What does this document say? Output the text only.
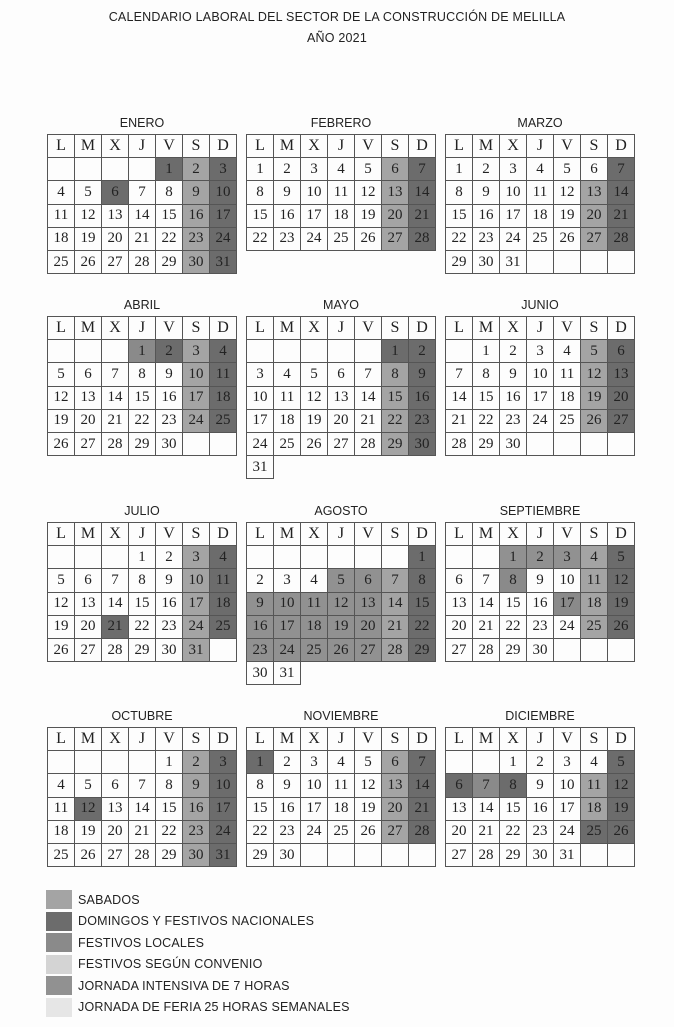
CALENDARIO LABORAL DEL SECTOR DE LA CONSTRUCCIÓN DE MELILLA
AÑO 2021
ENERO
L	M	X	J	V	S	D
				1	2	3
4	5	6	7	8	9	10
11	12	13	14	15	16	17
18	19	20	21	22	23	24
25	26	27	28	29	30	31
FEBRERO
L	M	X	J	V	S	D
1	2	3	4	5	6	7
8	9	10	11	12	13	14
15	16	17	18	19	20	21
22	23	24	25	26	27	28
MARZO
L	M	X	J	V	S	D
1	2	3	4	5	6	7
8	9	10	11	12	13	14
15	16	17	18	19	20	21
22	23	24	25	26	27	28
29	30	31				
ABRIL
L	M	X	J	V	S	D
			1	2	3	4
5	6	7	8	9	10	11
12	13	14	15	16	17	18
19	20	21	22	23	24	25
26	27	28	29	30		
MAYO
L	M	X	J	V	S	D
					1	2
3	4	5	6	7	8	9
10	11	12	13	14	15	16
17	18	19	20	21	22	23
24	25	26	27	28	29	30
31						
JUNIO
L	M	X	J	V	S	D
	1	2	3	4	5	6
7	8	9	10	11	12	13
14	15	16	17	18	19	20
21	22	23	24	25	26	27
28	29	30				
JULIO
L	M	X	J	V	S	D
			1	2	3	4
5	6	7	8	9	10	11
12	13	14	15	16	17	18
19	20	21	22	23	24	25
26	27	28	29	30	31	
AGOSTO
L	M	X	J	V	S	D
						1
2	3	4	5	6	7	8
9	10	11	12	13	14	15
16	17	18	19	20	21	22
23	24	25	26	27	28	29
30	31					
SEPTIEMBRE
L	M	X	J	V	S	D
		1	2	3	4	5
6	7	8	9	10	11	12
13	14	15	16	17	18	19
20	21	22	23	24	25	26
27	28	29	30			
OCTUBRE
L	M	X	J	V	S	D
				1	2	3
4	5	6	7	8	9	10
11	12	13	14	15	16	17
18	19	20	21	22	23	24
25	26	27	28	29	30	31
NOVIEMBRE
L	M	X	J	V	S	D
1	2	3	4	5	6	7
8	9	10	11	12	13	14
15	16	17	18	19	20	21
22	23	24	25	26	27	28
29	30					
DICIEMBRE
L	M	X	J	V	S	D
		1	2	3	4	5
6	7	8	9	10	11	12
13	14	15	16	17	18	19
20	21	22	23	24	25	26
27	28	29	30	31		
SABADOS
DOMINGOS Y FESTIVOS NACIONALES
FESTIVOS LOCALES
FESTIVOS SEGÚN CONVENIO
JORNADA INTENSIVA DE 7 HORAS
JORNADA DE FERIA 25 HORAS SEMANALES
